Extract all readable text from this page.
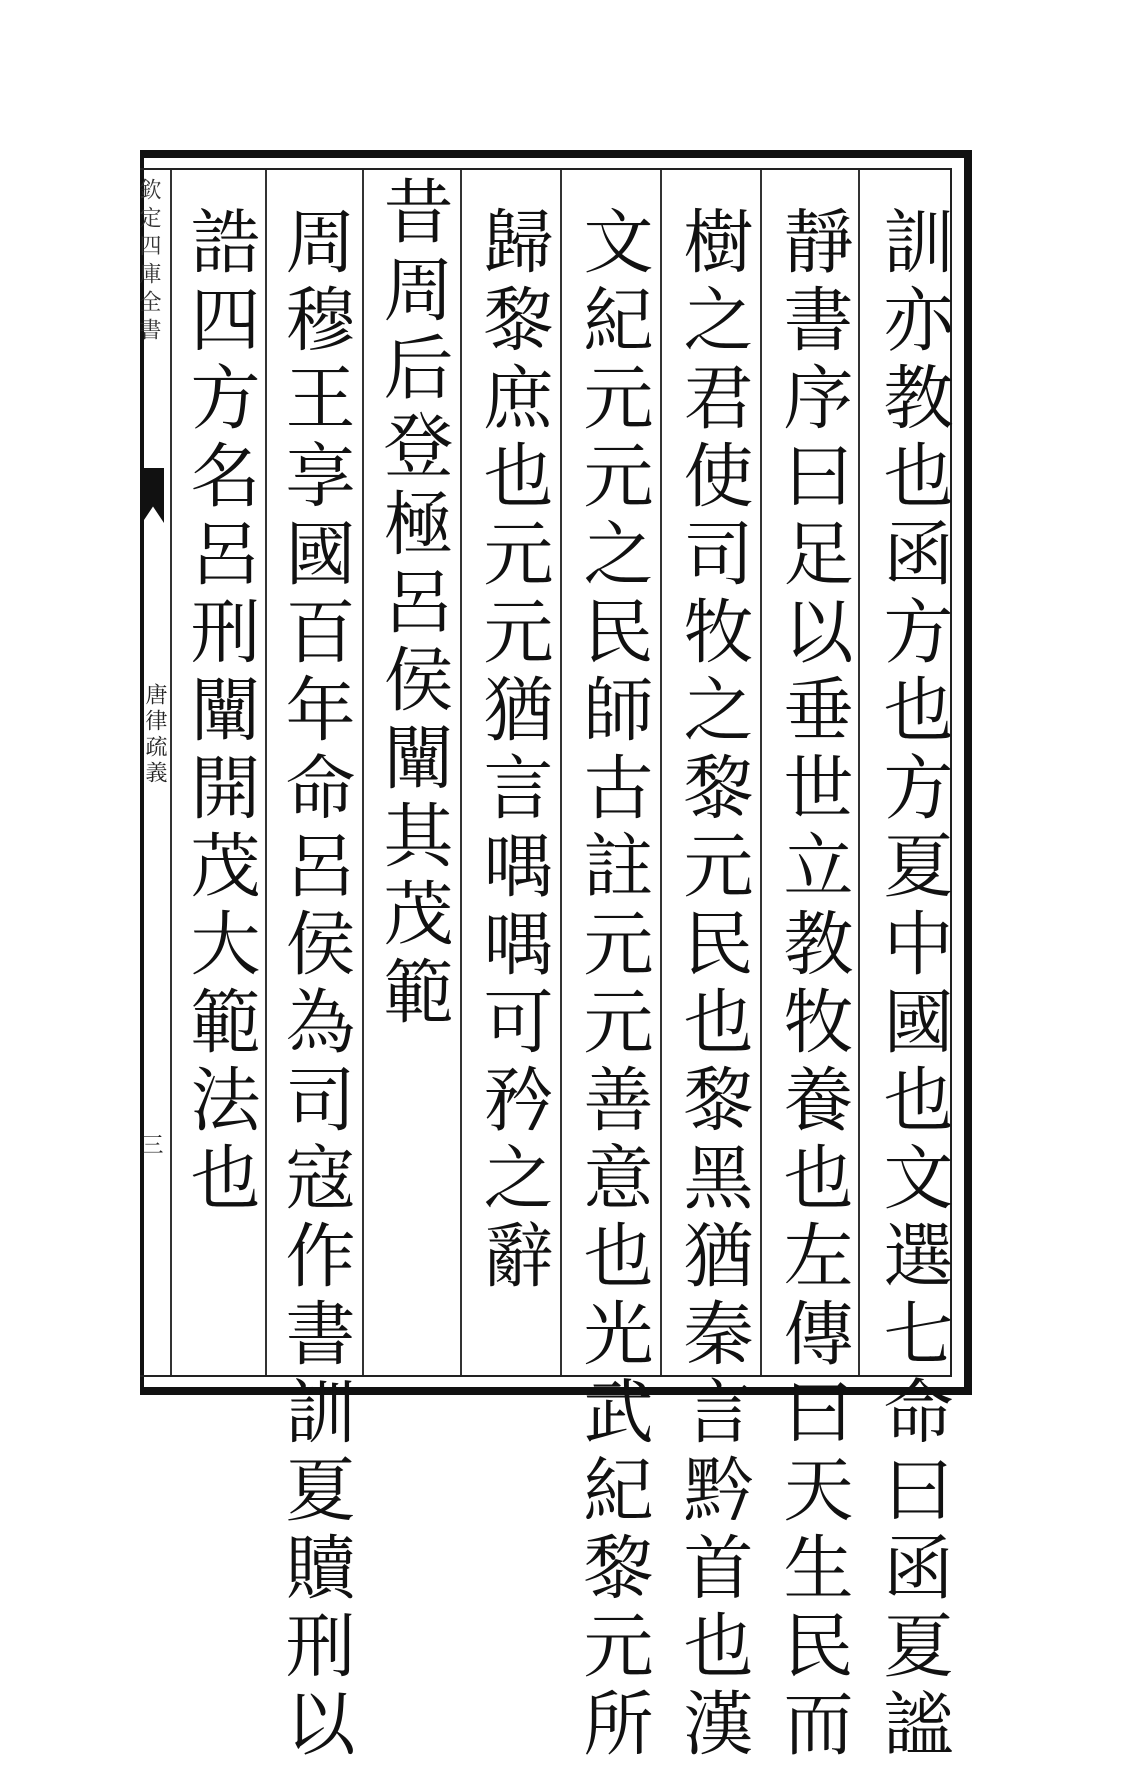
欽定四庫全書
唐律疏義
三	訓亦教也函方也方夏中國也文選七命曰函夏謐
靜書序曰足以垂世立教牧養也左傳曰天生民而
樹之君使司牧之黎元民也黎黑猶秦言黔首也漢
文紀元元之民師古註元元善意也光武紀黎元所
歸黎庶也元元猶言喁喁可矜之辭
昔周后登極呂侯闡其茂範
周穆王享國百年命呂侯為司寇作書訓夏贖刑以
誥四方名呂刑闡開茂大範法也
